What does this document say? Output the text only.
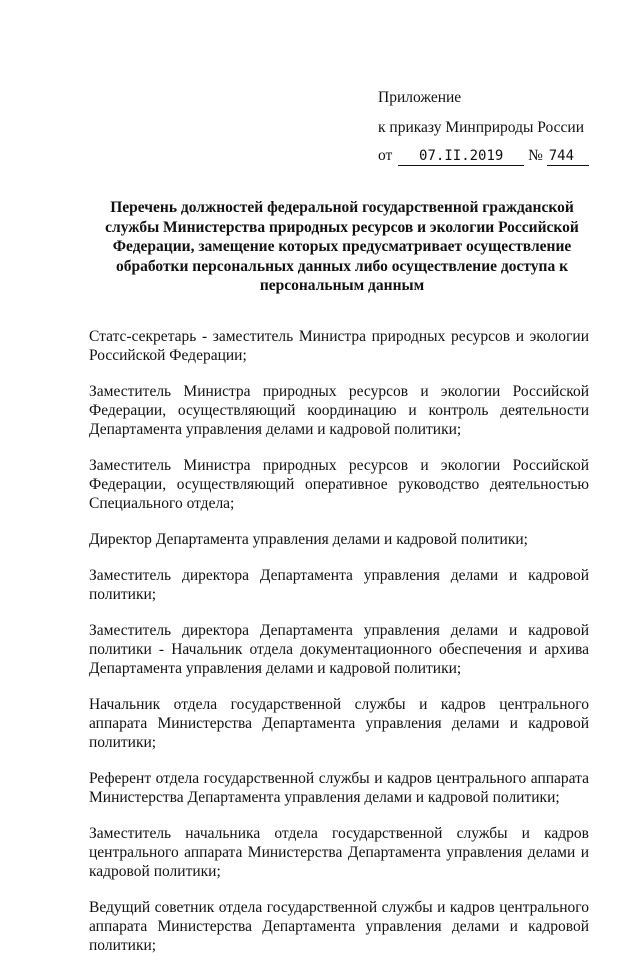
Приложение
к приказу Минприроды России
от 07.II.2019 № 744
Перечень должностей федеральной государственной гражданской службы Министерства природных ресурсов и экологии Российской Федерации, замещение которых предусматривает осуществление обработки персональных данных либо осуществление доступа к персональным данным

Статс-секретарь - заместитель Министра природных ресурсов и экологии Российской Федерации;

Заместитель Министра природных ресурсов и экологии Российской Федерации, осуществляющий координацию и контроль деятельности Департамента управления делами и кадровой политики;

Заместитель Министра природных ресурсов и экологии Российской Федерации, осуществляющий оперативное руководство деятельностью Специального отдела;

Директор Департамента управления делами и кадровой политики;

Заместитель директора Департамента управления делами и кадровой политики;

Заместитель директора Департамента управления делами и кадровой политики - Начальник отдела документационного обеспечения и архива Департамента управления делами и кадровой политики;

Начальник отдела государственной службы и кадров центрального аппарата Министерства Департамента управления делами и кадровой политики;

Референт отдела государственной службы и кадров центрального аппарата Министерства Департамента управления делами и кадровой политики;

Заместитель начальника отдела государственной службы и кадров центрального аппарата Министерства Департамента управления делами и кадровой политики;

Ведущий советник отдела государственной службы и кадров центрального аппарата Министерства Департамента управления делами и кадровой политики;
